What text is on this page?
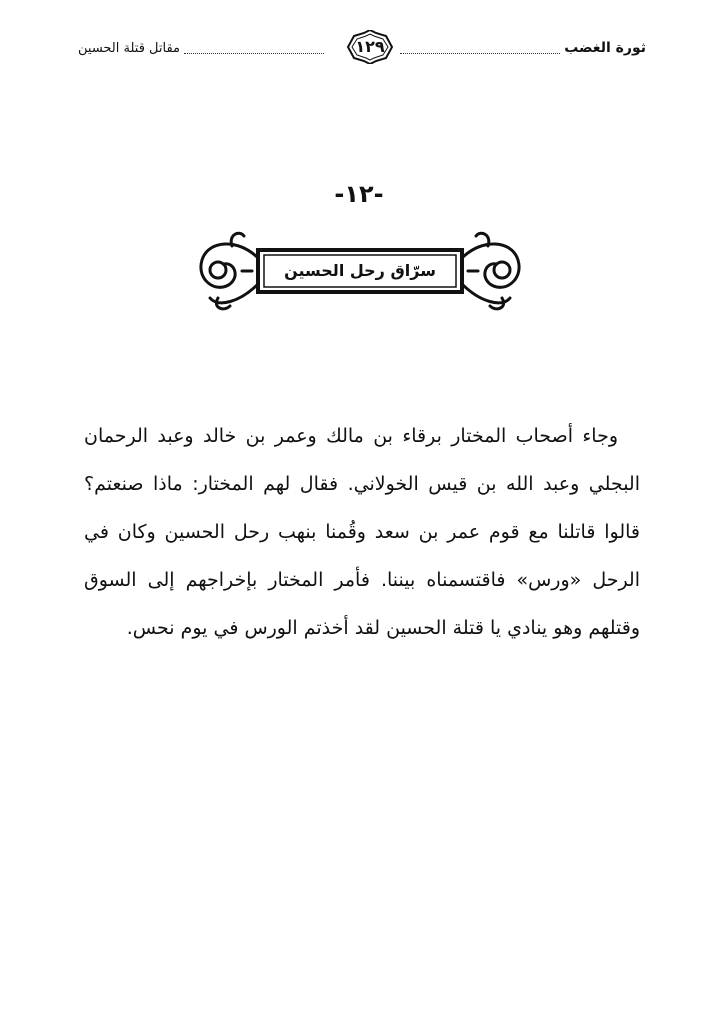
مقاتل قتلة الحسين	١٢٩	ثورة الغضب
-١٢-
سرّاق رحل الحسين

وجاء أصحاب المختار برقاء بن مالك وعمر بن خالد وعبد الرحمان البجلي وعبد الله بن قيس الخولاني. فقال لهم المختار: ماذا صنعتم؟ قالوا قاتلنا مع قوم عمر بن سعد وقُمنا بنهب رحل الحسين وكان في الرحل «ورس» فاقتسمناه بيننا. فأمر المختار بإخراجهم إلى السوق وقتلهم وهو ينادي يا قتلة الحسين لقد أخذتم الورس في يوم نحس.
